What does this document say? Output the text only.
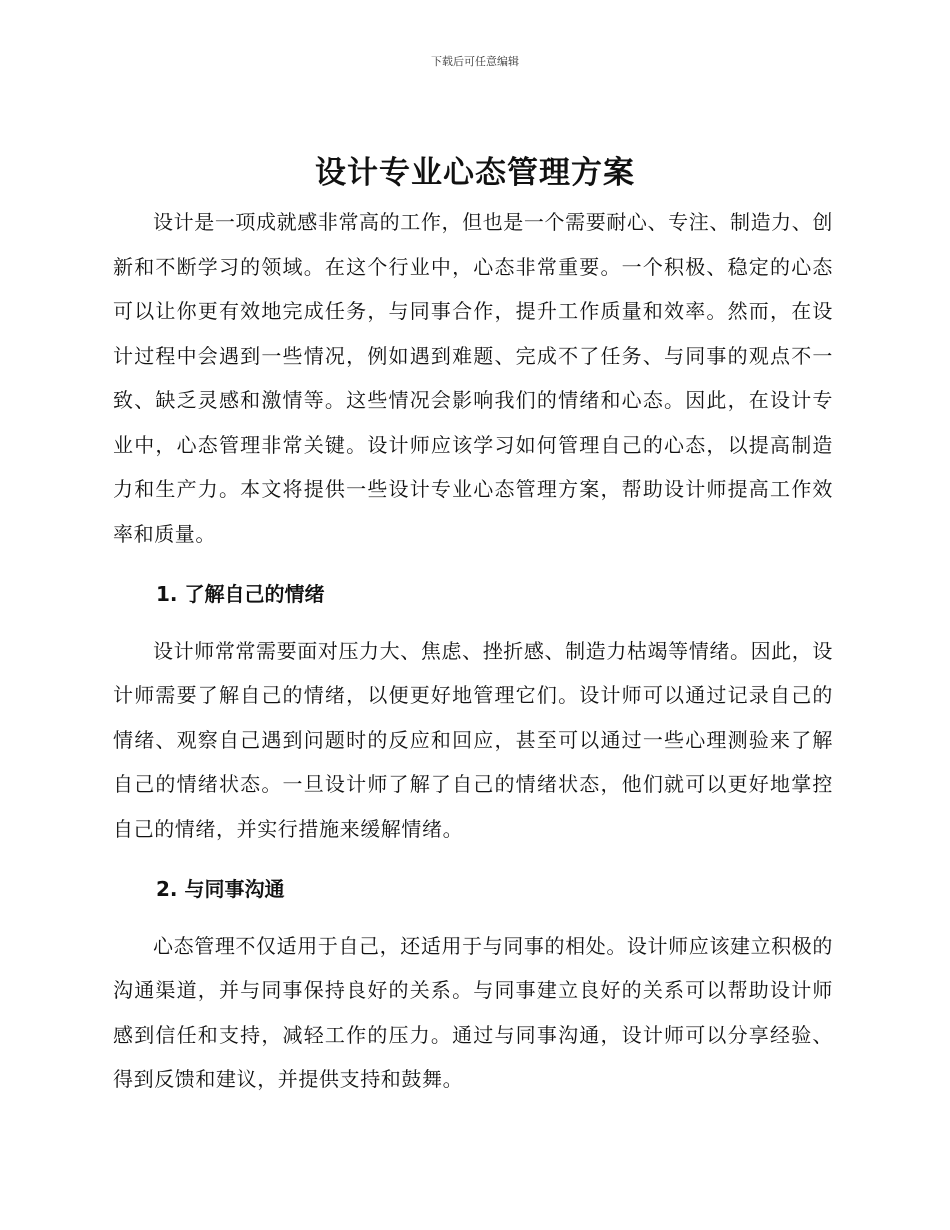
下载后可任意编辑
设计专业心态管理方案

设计是一项成就感非常高的工作，但也是一个需要耐心、专注、制造力、创新和不断学习的领域。在这个行业中，心态非常重要。一个积极、稳定的心态可以让你更有效地完成任务，与同事合作，提升工作质量和效率。然而，在设计过程中会遇到一些情况，例如遇到难题、完成不了任务、与同事的观点不一致、缺乏灵感和激情等。这些情况会影响我们的情绪和心态。因此，在设计专业中，心态管理非常关键。设计师应该学习如何管理自己的心态，以提高制造力和生产力。本文将提供一些设计专业心态管理方案，帮助设计师提高工作效率和质量。

1. 了解自己的情绪

设计师常常需要面对压力大、焦虑、挫折感、制造力枯竭等情绪。因此，设计师需要了解自己的情绪，以便更好地管理它们。设计师可以通过记录自己的情绪、观察自己遇到问题时的反应和回应，甚至可以通过一些心理测验来了解自己的情绪状态。一旦设计师了解了自己的情绪状态，他们就可以更好地掌控自己的情绪，并实行措施来缓解情绪。

2. 与同事沟通

心态管理不仅适用于自己，还适用于与同事的相处。设计师应该建立积极的沟通渠道，并与同事保持良好的关系。与同事建立良好的关系可以帮助设计师感到信任和支持，减轻工作的压力。通过与同事沟通，设计师可以分享经验、得到反馈和建议，并提供支持和鼓舞。
